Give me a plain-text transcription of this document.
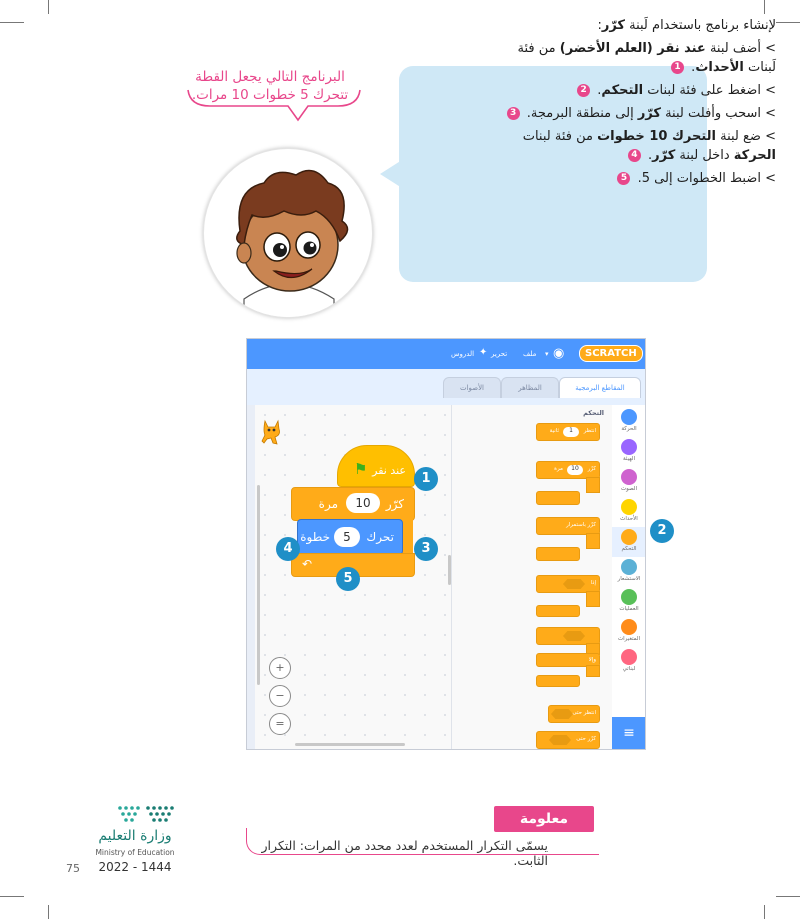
البرنامج التالي يجعل القطة
تتحرك 5 خطوات 10 مرات.

لإنشاء برنامج باستخدام لَبنة كرّر:

> أضف لبنة عند نقر (العلم الأخضر) من فئة لَبنات الأحداث. 1

> اضغط على فئة لبنات التحكم. 2

> اسحب وأفلت لبنة كرّر إلى منطقة البرمجة. 3

> ضع لبنة التحرك 10 خطوات من فئة لبنات الحركة داخل لبنة كرّر. 4

> اضبط الخطوات إلى 5. 5

SCRATCH
◉
▾
ملف
تحرير
الدروس ✦
المقاطع البرمجية
المظاهر
الأصوات
الحركة
الهيئة
الصوت
الأحداث
التحكم
الاستشعار
العمليات
المتغيرات
لبناتي
≡
التحكم
انتظر
1
ثانية
كرّر
10
مرة
كرّر باستمرار
إذا
وإلا
انتظر حتى
كرّر حتى
عند نقر
⚑
كرّر
10
مرة
تحرك
5
خطوة
↶
+
−
=
1
2
3
4
5
معلومة
يسمّى التكرار المستخدم لعدد محدد من المرات: التكرار الثابت.
وزارة التعليم
Ministry of Education
2022 - 1444
75
